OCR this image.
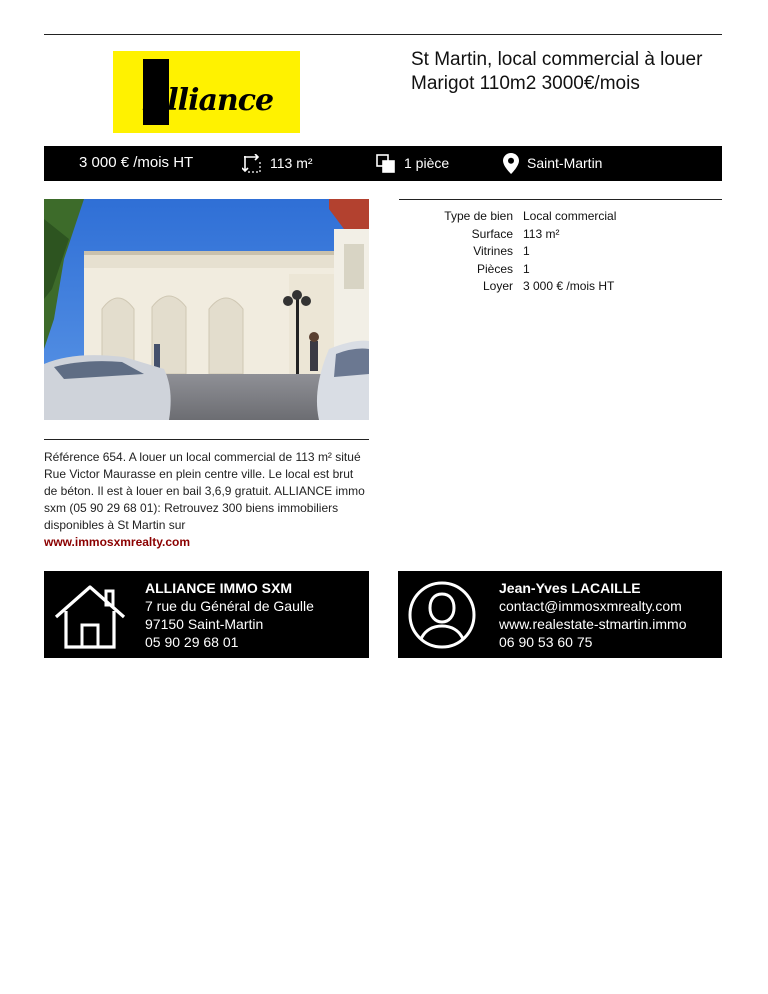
Alliance
St Martin, local commercial à louer
Marigot 110m2 3000€/mois
3 000 € /mois HT	113 m²	1 pièce	Saint-Martin
Type de bien Local commercial
Surface 113 m²
Vitrines 1
Pièces 1
Loyer 3 000 € /mois HT
Référence 654. A louer un local commercial de 113 m² situé Rue Victor Maurasse en plein centre ville. Le local est brut de béton. Il est à louer en bail 3,6,9 gratuit. ALLIANCE immo sxm (05 90 29 68 01): Retrouvez 300 biens immobiliers disponibles à St Martin sur
www.immosxmrealty.com
ALLIANCE IMMO SXM
7 rue du Général de Gaulle
97150 Saint-Martin
05 90 29 68 01
Jean-Yves LACAILLE
contact@immosxmrealty.com
www.realestate-stmartin.immo
06 90 53 60 75
